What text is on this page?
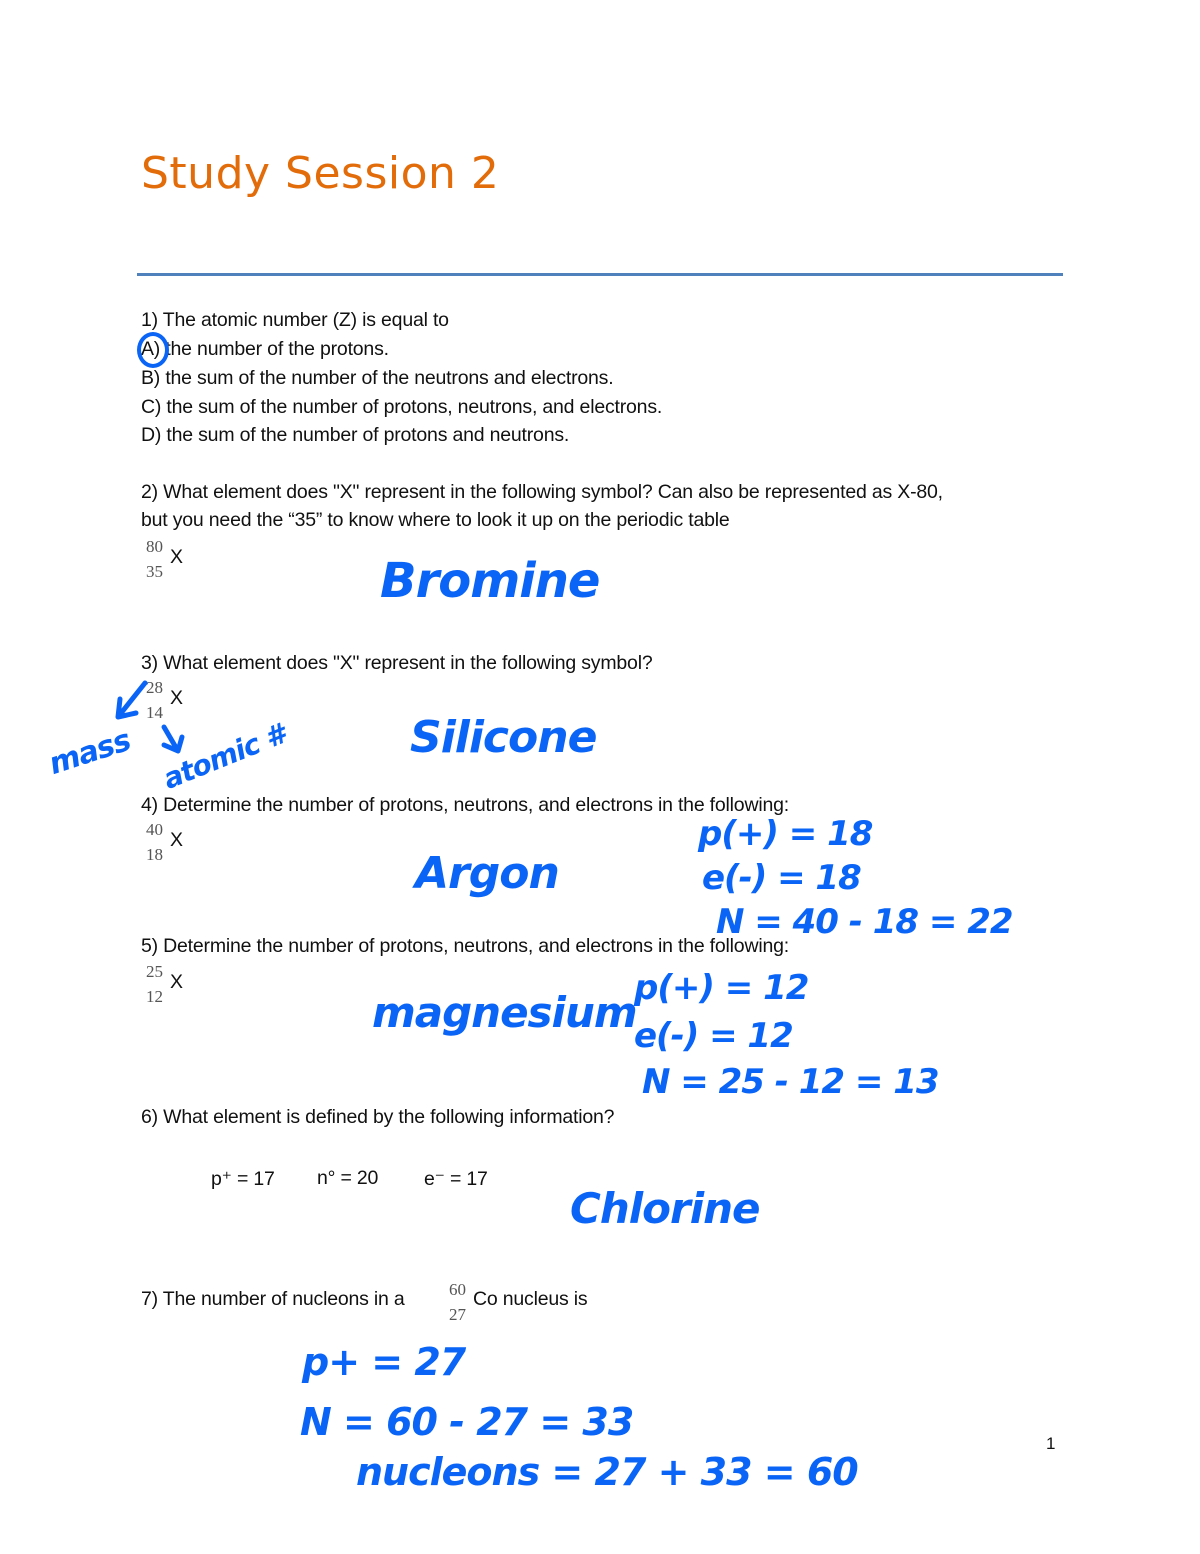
Study Session 2
1) The atomic number (Z) is equal to
A) the number of the protons.
B) the sum of the number of the neutrons and electrons.
C) the sum of the number of protons, neutrons, and electrons.
D) the sum of the number of protons and neutrons.
2) What element does "X" represent in the following symbol? Can also be represented as X-80,
but you need the “35” to know where to look it up on the periodic table
80
35
X	Bromine
3) What element does "X" represent in the following symbol?
28
14
X
mass atomic #	Silicone
4) Determine the number of protons, neutrons, and electrons in the following:
40
18
X
Argon
p(+) = 18
e(-) = 18
N = 40 - 18 = 22
5) Determine the number of protons, neutrons, and electrons in the following:
25
12
X
magnesium
p(+) = 12
e(-) = 12
N = 25 - 12 = 13
6) What element is defined by the following information?
p⁺ = 17 n° = 20 e⁻ = 17
Chlorine
7) The number of nucleons in a	60
27
Co nucleus is
p+ = 27
N = 60 - 27 = 33
nucleons = 27 + 33 = 60
1
